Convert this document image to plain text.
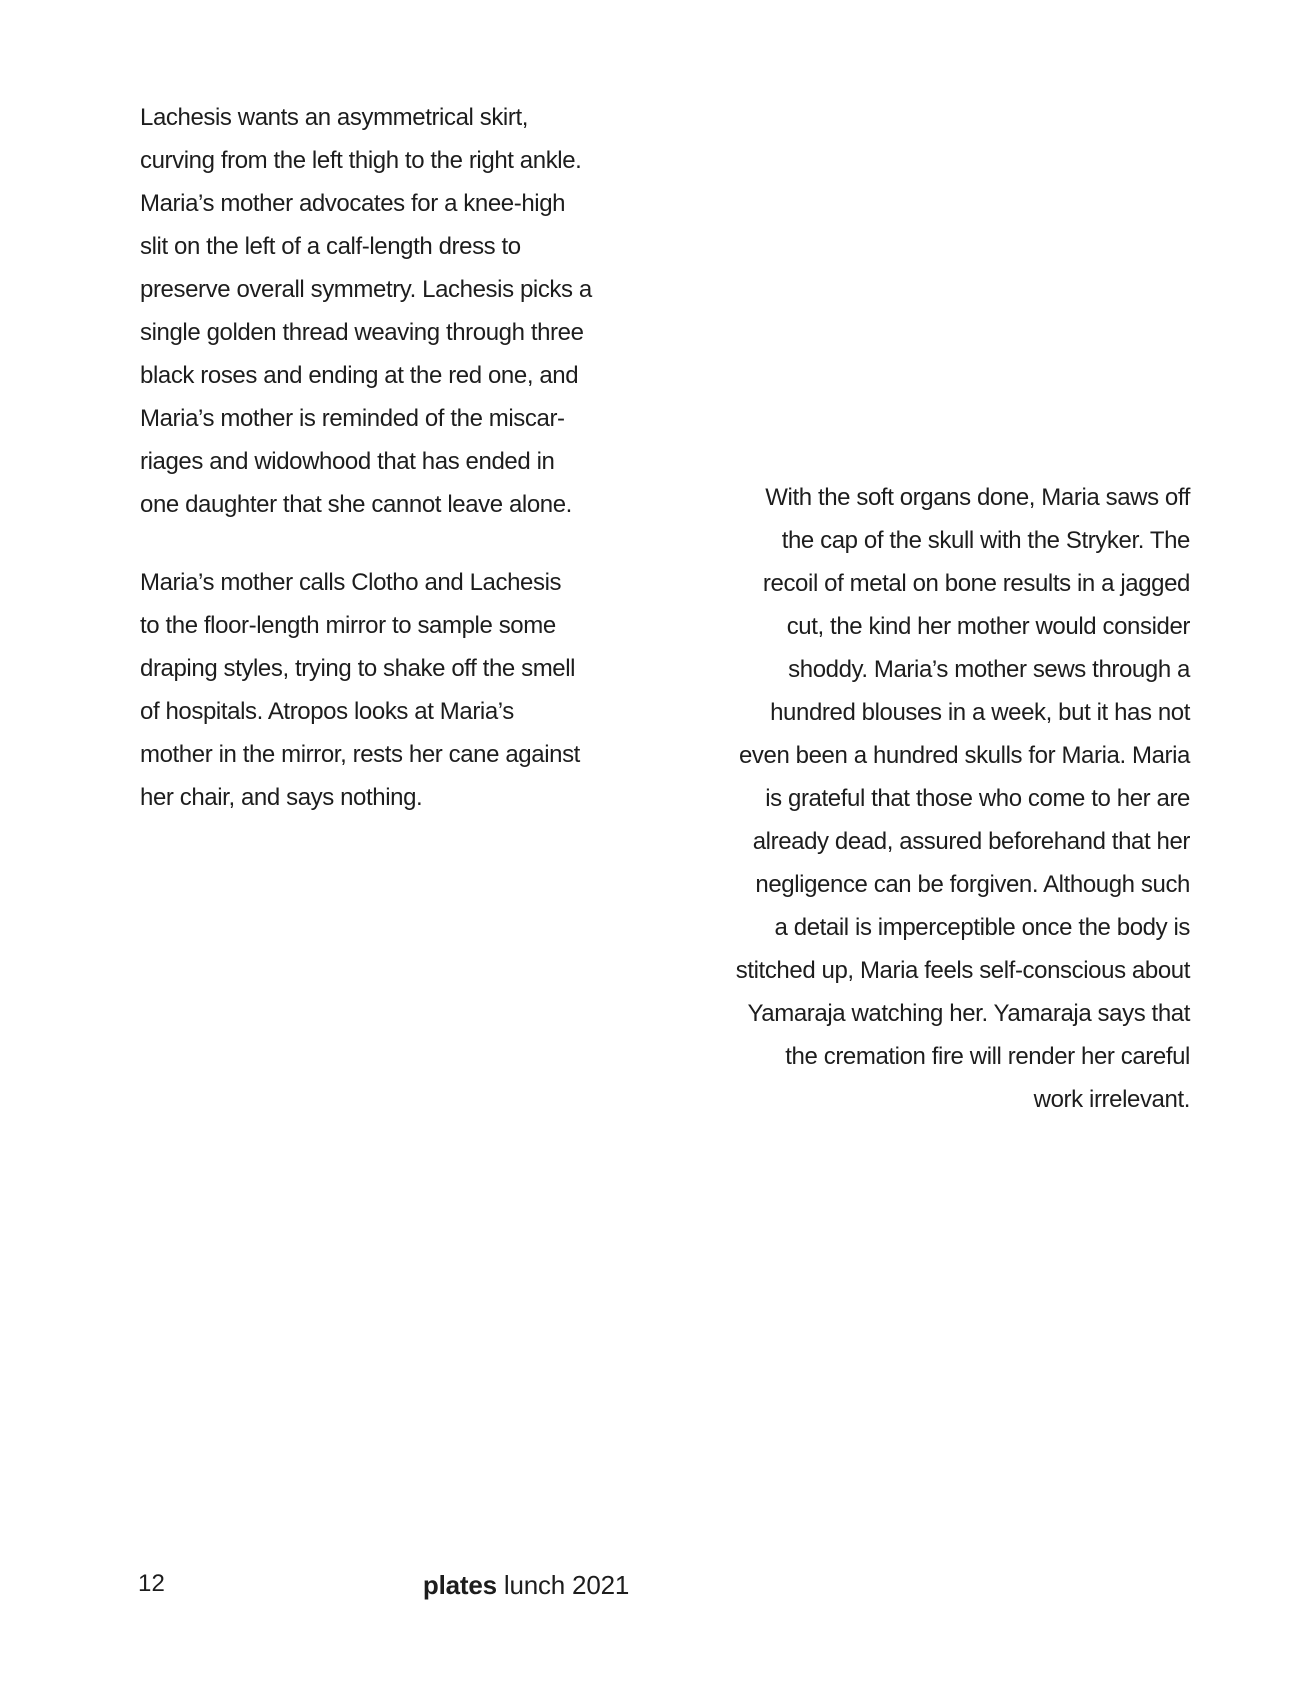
Lachesis wants an asymmetrical skirt,
curving from the left thigh to the right ankle.
Maria’s mother advocates for a knee-high
slit on the left of a calf-length dress to
preserve overall symmetry. Lachesis picks a
single golden thread weaving through three
black roses and ending at the red one, and
Maria’s mother is reminded of the miscar-
riages and widowhood that has ended in
one daughter that she cannot leave alone.

Maria’s mother calls Clotho and Lachesis
to the floor-length mirror to sample some
draping styles, trying to shake off the smell
of hospitals. Atropos looks at Maria’s
mother in the mirror, rests her cane against
her chair, and says nothing.

With the soft organs done, Maria saws off
the cap of the skull with the Stryker. The
recoil of metal on bone results in a jagged
cut, the kind her mother would consider
shoddy. Maria’s mother sews through a
hundred blouses in a week, but it has not
even been a hundred skulls for Maria. Maria
is grateful that those who come to her are
already dead, assured beforehand that her
negligence can be forgiven. Although such
a detail is imperceptible once the body is
stitched up, Maria feels self-conscious about
Yamaraja watching her. Yamaraja says that
the cremation fire will render her careful
work irrelevant.

12	plates lunch 2021
